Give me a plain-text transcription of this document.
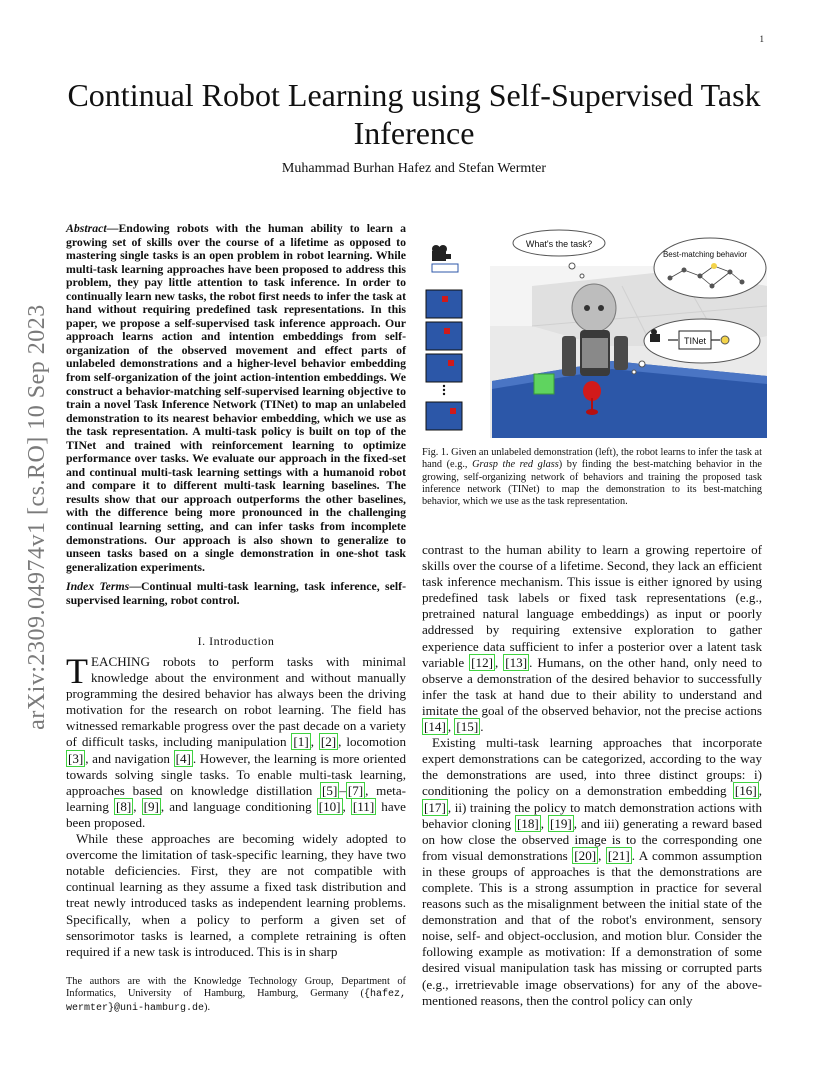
1
arXiv:2309.04974v1 [cs.RO] 10 Sep 2023
Continual Robot Learning using Self-Supervised Task Inference
Muhammad Burhan Hafez and Stefan Wermter
Abstract—Endowing robots with the human ability to learn a growing set of skills over the course of a lifetime as opposed to mastering single tasks is an open problem in robot learning. While multi-task learning approaches have been proposed to address this problem, they pay little attention to task inference. In order to continually learn new tasks, the robot first needs to infer the task at hand without requiring predefined task representations. In this paper, we propose a self-supervised task inference approach. Our approach learns action and intention embeddings from self-organization of the observed movement and effect parts of unlabeled demonstrations and a higher-level behavior embedding from self-organization of the joint action-intention embeddings. We construct a behavior-matching self-supervised learning objective to train a novel Task Inference Network (TINet) to map an unlabeled demonstration to its nearest behavior embedding, which we use as the task representation. A multi-task policy is built on top of the TINet and trained with reinforcement learning to optimize performance over tasks. We evaluate our approach in the fixed-set and continual multi-task learning settings with a humanoid robot and compare it to different multi-task learning baselines. The results show that our approach outperforms the other baselines, with the difference being more pronounced in the challenging continual learning setting, and can infer tasks from incomplete demonstrations. Our approach is also shown to generalize to unseen tasks based on a single demonstration in one-shot task generalization experiments.
Index Terms—Continual multi-task learning, task inference, self-supervised learning, robot control.
I. Introduction

TEACHING robots to perform tasks with minimal knowledge about the environment and without manually programming the desired behavior has always been the driving motivation for the research on robot learning. The field has witnessed remarkable progress over the past decade on a variety of difficult tasks, including manipulation [1] , [2] , locomotion [3] , and navigation [4] . However, the learning is more oriented towards solving single tasks. To enable multi-task learning, approaches based on knowledge distillation [5] – [7] , meta-learning [8] , [9] , and language conditioning [10] , [11] have been proposed.

While these approaches are becoming widely adopted to overcome the limitation of task-specific learning, they have two notable deficiencies. First, they are not compatible with continual learning as they assume a fixed task distribution and treat newly introduced tasks as independent learning problems. Specifically, when a policy to perform a given set of sensorimotor tasks is learned, a complete retraining is often required if a new task is introduced. This is in sharp

The authors are with the Knowledge Technology Group, Department of Informatics, University of Hamburg, Hamburg, Germany ({hafez, wermter}@uni-hamburg.de).
What's the task?
Best-matching behavior
TINet
Fig. 1. Given an unlabeled demonstration (left), the robot learns to infer the task at hand (e.g., Grasp the red glass) by finding the best-matching behavior in the growing, self-organizing network of behaviors and training the proposed task inference network (TINet) to map the demonstration to its best-matching behavior, which we use as the task representation.

contrast to the human ability to learn a growing repertoire of skills over the course of a lifetime. Second, they lack an efficient task inference mechanism. This issue is either ignored by using predefined task labels or fixed task representations (e.g., pretrained natural language embeddings) as input or poorly addressed by requiring extensive exploration to gather experience data sufficient to infer a posterior over a latent task variable [12] , [13] . Humans, on the other hand, only need to observe a demonstration of the desired behavior to successfully infer the task at hand due to their ability to understand and imitate the goal of the observed behavior, not the precise actions [14] , [15] .

Existing multi-task learning approaches that incorporate expert demonstrations can be categorized, according to the way the demonstrations are used, into three distinct groups: i) conditioning the policy on a demonstration embedding [16] , [17] , ii) training the policy to match demonstration actions with behavior cloning [18] , [19] , and iii) generating a reward based on how close the observed image is to the corresponding one from visual demonstrations [20] , [21] . A common assumption in these groups of approaches is that the demonstrations are complete. This is a strong assumption in practice for several reasons such as the misalignment between the initial state of the demonstration and that of the robot's environment, sensory noise, self- and object-occlusion, and motion blur. Consider the following example as motivation: If a demonstration of some desired visual manipulation task has missing or corrupted parts (e.g., irretrievable image observations) for any of the above-mentioned reasons, then the control policy can only
